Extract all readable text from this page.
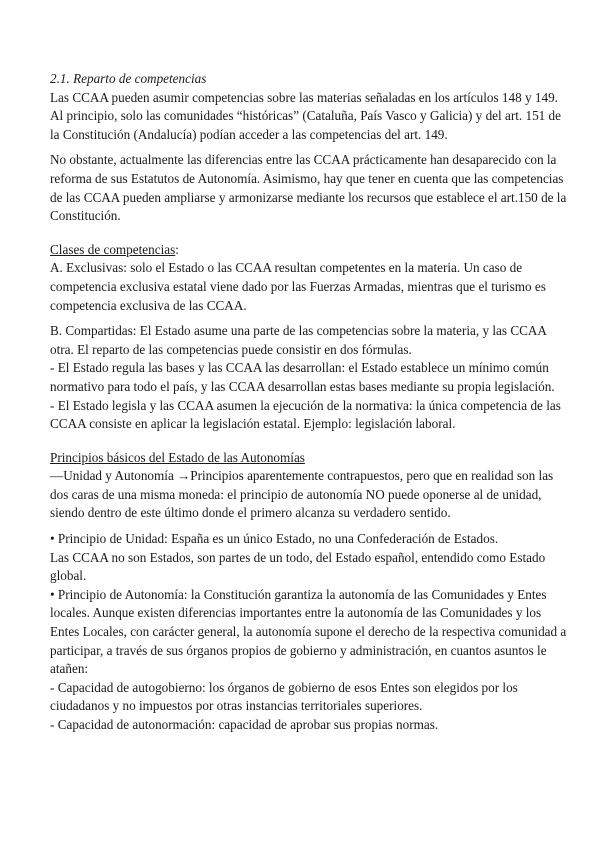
2.1. Reparto de competencias

Las CCAA pueden asumir competencias sobre las materias señaladas en los artículos 148 y 149. Al principio, solo las comunidades “históricas” (Cataluña, País Vasco y Galicia) y del art. 151 de la Constitución (Andalucía) podían acceder a las competencias del art. 149.

No obstante, actualmente las diferencias entre las CCAA prácticamente han desaparecido con la reforma de sus Estatutos de Autonomía. Asimismo, hay que tener en cuenta que las competencias de las CCAA pueden ampliarse y armonizarse mediante los recursos que establece el art.150 de la Constitución.

Clases de competencias:

A. Exclusivas: solo el Estado o las CCAA resultan competentes en la materia. Un caso de competencia exclusiva estatal viene dado por las Fuerzas Armadas, mientras que el turismo es competencia exclusiva de las CCAA.

B. Compartidas: El Estado asume una parte de las competencias sobre la materia, y las CCAA otra. El reparto de las competencias puede consistir en dos fórmulas.

- El Estado regula las bases y las CCAA las desarrollan: el Estado establece un mínimo común normativo para todo el país, y las CCAA desarrollan estas bases mediante su propia legislación.

- El Estado legisla y las CCAA asumen la ejecución de la normativa: la única competencia de las CCAA consiste en aplicar la legislación estatal. Ejemplo: legislación laboral.

Principios básicos del Estado de las Autonomías

—Unidad y Autonomía →Principios aparentemente contrapuestos, pero que en realidad son las dos caras de una misma moneda: el principio de autonomía NO puede oponerse al de unidad, siendo dentro de este último donde el primero alcanza su verdadero sentido.

• Principio de Unidad: España es un único Estado, no una Confederación de Estados.

Las CCAA no son Estados, son partes de un todo, del Estado español, entendido como Estado global.

• Principio de Autonomía: la Constitución garantiza la autonomía de las Comunidades y Entes locales. Aunque existen diferencias importantes entre la autonomía de las Comunidades y los Entes Locales, con carácter general, la autonomía supone el derecho de la respectiva comunidad a participar, a través de sus órganos propios de gobierno y administración, en cuantos asuntos le atañen:

- Capacidad de autogobierno: los órganos de gobierno de esos Entes son elegidos por los ciudadanos y no impuestos por otras instancias territoriales superiores.

- Capacidad de autonormación: capacidad de aprobar sus propias normas.
